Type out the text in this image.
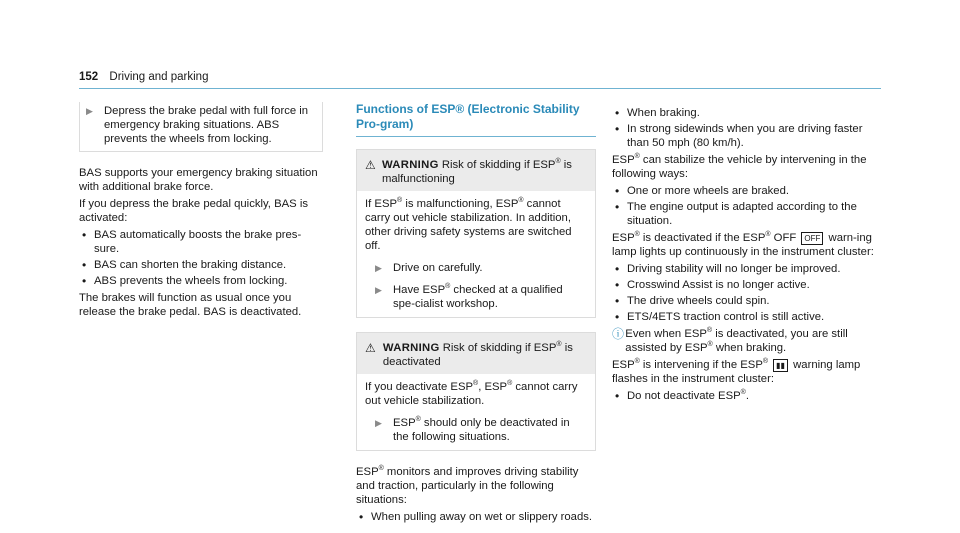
152 Driving and parking
▶ Depress the brake pedal with full force in emergency braking situations. ABS prevents the wheels from locking.

BAS supports your emergency braking situation with additional brake force.

If you depress the brake pedal quickly, BAS is activated:

• BAS automatically boosts the brake pres-sure.
• BAS can shorten the braking distance.
• ABS prevents the wheels from locking.

The brakes will function as usual once you release the brake pedal. BAS is deactivated.

Functions of ESP® (Electronic Stability Pro-gram)
⚠ WARNING Risk of skidding if ESP® is malfunctioning

If ESP® is malfunctioning, ESP® cannot carry out vehicle stabilization. In addition, other driving safety systems are switched off.

▶ Drive on carefully.
▶ Have ESP® checked at a qualified spe-cialist workshop.
⚠ WARNING Risk of skidding if ESP® is deactivated

If you deactivate ESP®, ESP® cannot carry out vehicle stabilization.

▶ ESP® should only be deactivated in the following situations.

ESP® monitors and improves driving stability and traction, particularly in the following situations:

• When pulling away on wet or slippery roads.
• When braking.
• In strong sidewinds when you are driving faster than 50 mph (80 km/h).

ESP® can stabilize the vehicle by intervening in the following ways:

• One or more wheels are braked.
• The engine output is adapted according to the situation.

ESP® is deactivated if the ESP® OFF OFF warn-ing lamp lights up continuously in the instrument cluster:

• Driving stability will no longer be improved.
• Crosswind Assist is no longer active.
• The drive wheels could spin.
• ETS/4ETS traction control is still active.
ⓘ Even when ESP® is deactivated, you are still assisted by ESP® when braking.

ESP® is intervening if the ESP® ▮▮ warning lamp flashes in the instrument cluster:

• Do not deactivate ESP®.
